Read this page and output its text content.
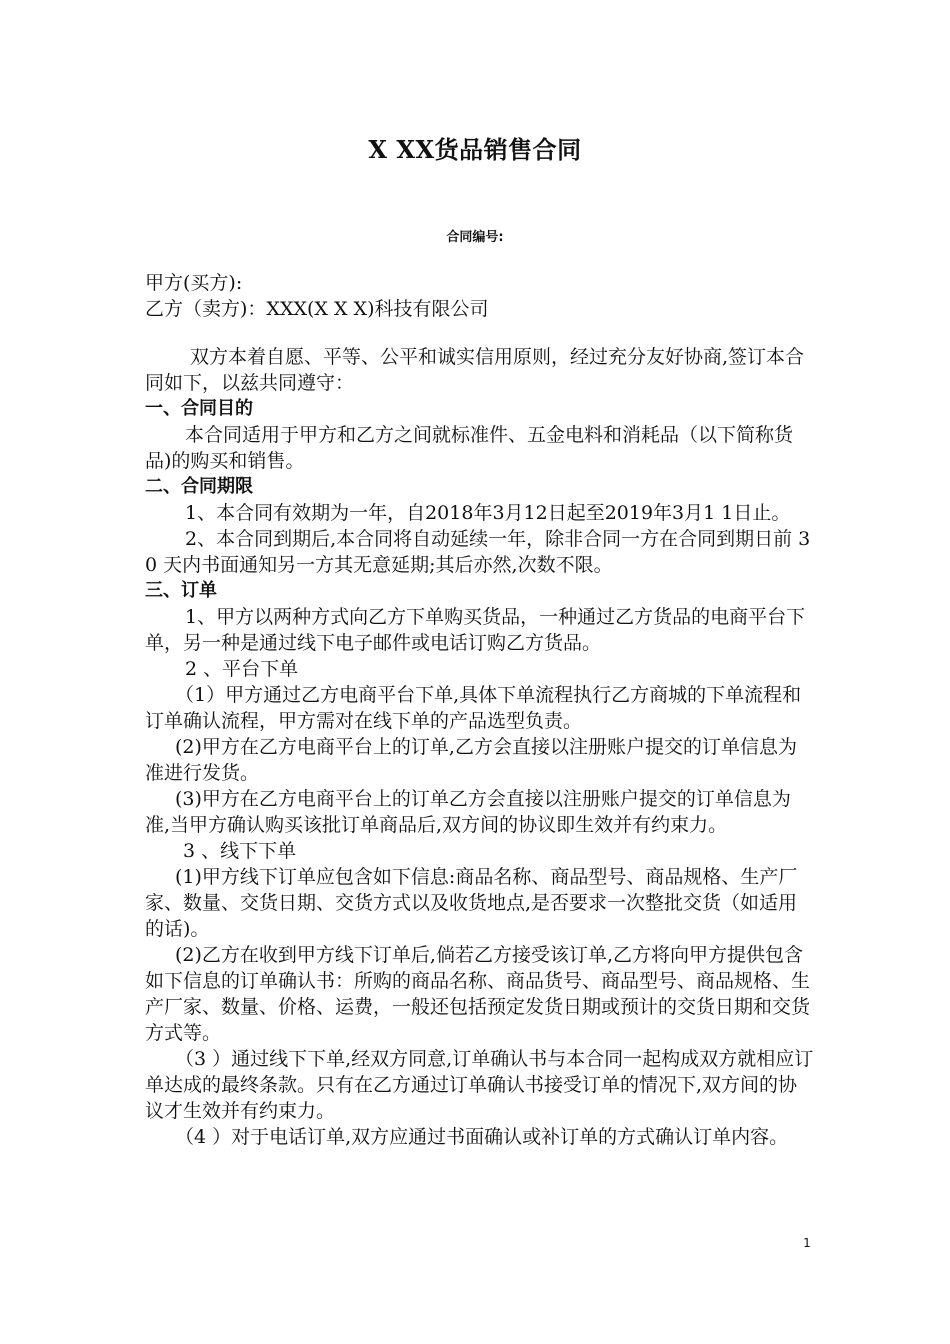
X XX货品销售合同
合同编号:

甲方(买方):

乙方（卖方)：XXX(X X X)科技有限公司

双方本着自愿、平等、公平和诚实信用原则，经过充分友好协商,签订本合同如下，以兹共同遵守：

一、合同目的

本合同适用于甲方和乙方之间就标准件、五金电料和消耗品（以下简称货品)的购买和销售。

二、合同期限

1、本合同有效期为一年，自2018年3月12日起至2019年3月1 1日止。

2、本合同到期后,本合同将自动延续一年，除非合同一方在合同到期日前 3 0 天内书面通知另一方其无意延期;其后亦然,次数不限。

三、订单

1、甲方以两种方式向乙方下单购买货品，一种通过乙方货品的电商平台下单，另一种是通过线下电子邮件或电话订购乙方货品。

2 、平台下单

（1）甲方通过乙方电商平台下单,具体下单流程执行乙方商城的下单流程和订单确认流程，甲方需对在线下单的产品选型负责。

(2)甲方在乙方电商平台上的订单,乙方会直接以注册账户提交的订单信息为准进行发货。

(3)甲方在乙方电商平台上的订单乙方会直接以注册账户提交的订单信息为准,当甲方确认购买该批订单商品后,双方间的协议即生效并有约束力。

3 、线下下单

(1)甲方线下订单应包含如下信息:商品名称、商品型号、商品规格、生产厂家、数量、交货日期、交货方式以及收货地点,是否要求一次整批交货（如适用的话)。

(2)乙方在收到甲方线下订单后,倘若乙方接受该订单,乙方将向甲方提供包含如下信息的订单确认书：所购的商品名称、商品货号、商品型号、商品规格、生产厂家、数量、价格、运费，一般还包括预定发货日期或预计的交货日期和交货方式等。

（3 ）通过线下下单,经双方同意,订单确认书与本合同一起构成双方就相应订单达成的最终条款。只有在乙方通过订单确认书接受订单的情况下,双方间的协议才生效并有约束力。

（4 ）对于电话订单,双方应通过书面确认或补订单的方式确认订单内容。

1
